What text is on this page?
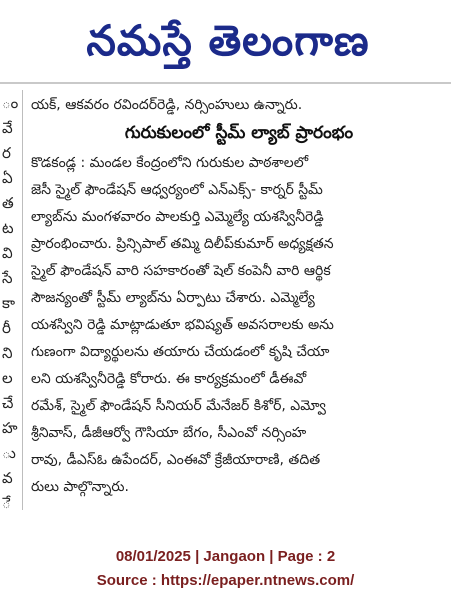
నమస్తే తెలంగాణ
ం
వే
ర
ఏ
త
ట
వి
సే
కా
రీ
ని
ల
చే
హ
ు
వ
ే
యక్, ఆకవరం రవిందర్‌రెడ్డి, నర్సింహులు ఉన్నారు.
గురుకులంలో స్టీమ్ ల్యాబ్ ప్రారంభం
కొడకండ్ల : మండల కేంద్రంలోని గురుకుల పాఠశాలలో
జెసీ స్మైల్ ఫౌండేషన్ ఆధ్వర్యంలో ఎన్ఎక్స్- కార్నర్ స్టీమ్
ల్యాబ్‌ను మంగళవారం పాలకుర్తి ఎమ్మెల్యే యశస్వినీరెడ్డి
ప్రారంభించారు. ప్రిన్సిపాల్ తమ్మి దిలీప్‌కుమార్ అధ్యక్షతన
స్మైల్ ఫౌండేషన్ వారి సహకారంతో షెల్ కంపెనీ వారి ఆర్థిక
సౌజన్యంతో స్టీమ్ ల్యాబ్‌ను ఏర్పాటు చేశారు. ఎమ్మెల్యే
యశస్విని రెడ్డి మాట్లాడుతూ భవిష్యత్ అవసరాలకు అను
గుణంగా విద్యార్థులను తయారు చేయడంలో కృషి చేయా
లని యశస్వినీరెడ్డి కోరారు. ఈ కార్యక్రమంలో డీఈవో
రమేశ్, స్మైల్ ఫౌండేషన్ సీనియర్ మేనేజర్ కిశోర్, ఎమ్వో
శ్రీనివాస్, డీజీఆర్వో గౌసియా బేగం, సీఎంవో నర్సింహ
రావు, డీఎస్ఓ ఉపేందర్, ఎంఈవో క్రేజీయారాణి, తదిత
రులు పాల్గొన్నారు.
08/01/2025 | Jangaon | Page : 2
Source : https://epaper.ntnews.com/
